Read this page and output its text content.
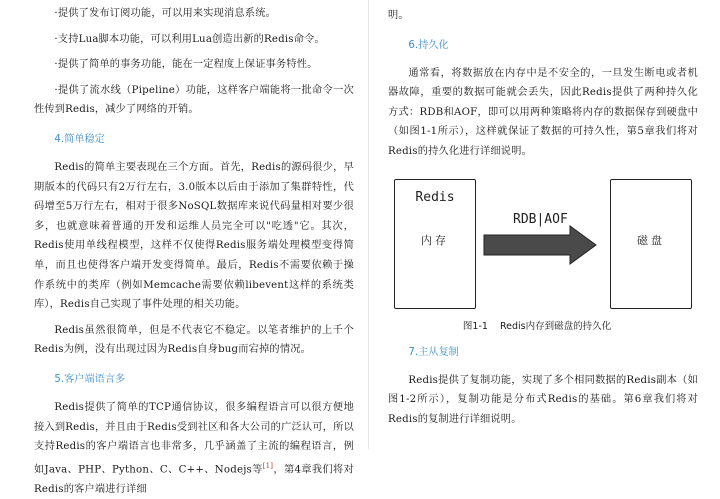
·提供了发布订阅功能，可以用来实现消息系统。

·支持Lua脚本功能，可以利用Lua创造出新的Redis命令。

·提供了简单的事务功能，能在一定程度上保证事务特性。

·提供了流水线（Pipeline）功能，这样客户端能将一批命令一次性传到Redis，减少了网络的开销。

4.简单稳定

Redis的简单主要表现在三个方面。首先，Redis的源码很少，早期版本的代码只有2万行左右，3.0版本以后由于添加了集群特性，代码增至5万行左右，相对于很多NoSQL数据库来说代码量相对要少很多，也就意味着普通的开发和运维人员完全可以"吃透"它。其次，Redis使用单线程模型，这样不仅使得Redis服务端处理模型变得简单，而且也使得客户端开发变得简单。最后，Redis不需要依赖于操作系统中的类库（例如Memcache需要依赖libevent这样的系统类库），Redis自己实现了事件处理的相关功能。

Redis虽然很简单，但是不代表它不稳定。以笔者维护的上千个Redis为例，没有出现过因为Redis自身bug而宕掉的情况。

5.客户端语言多

Redis提供了简单的TCP通信协议，很多编程语言可以很方便地接入到Redis，并且由于Redis受到社区和各大公司的广泛认可，所以支持Redis的客户端语言也非常多，几乎涵盖了主流的编程语言，例如Java、PHP、Python、C、C++、Nodejs等[1]，第4章我们将对Redis的客户端进行详细

明。

6.持久化

通常看，将数据放在内存中是不安全的，一旦发生断电或者机器故障，重要的数据可能就会丢失，因此Redis提供了两种持久化方式：RDB和AOF，即可以用两种策略将内存的数据保存到硬盘中（如图1-1所示），这样就保证了数据的可持久性，第5章我们将对Redis的持久化进行详细说明。

Redis
内存
RDB|AOF
磁盘
图1-1 Redis内存到磁盘的持久化
7.主从复制

Redis提供了复制功能，实现了多个相同数据的Redis副本（如图1-2所示），复制功能是分布式Redis的基础。第6章我们将对Redis的复制进行详细说明。
